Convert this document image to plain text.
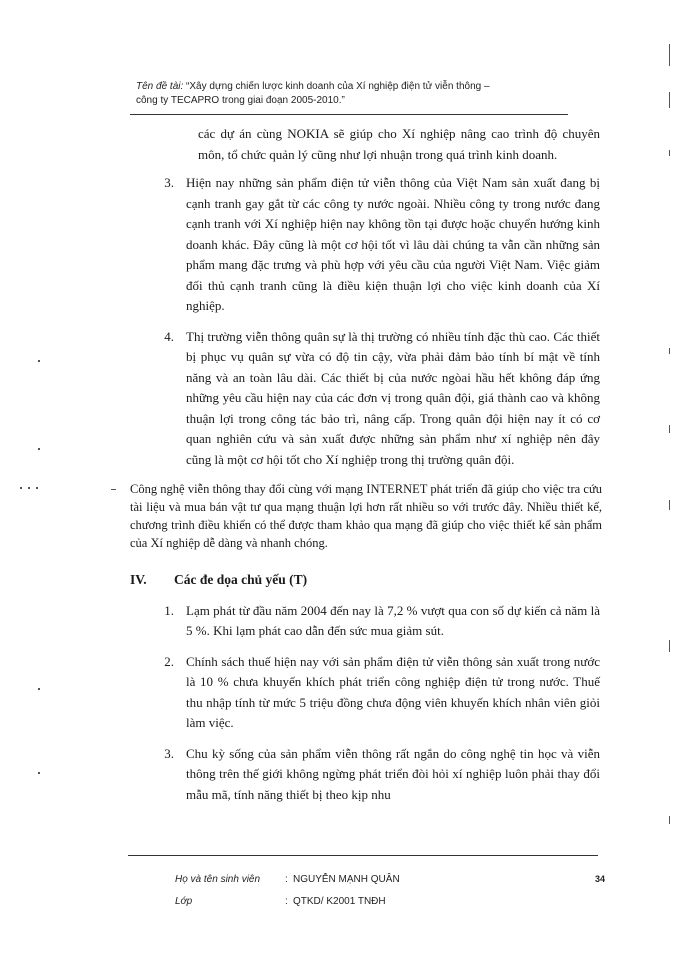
Tên đề tài: “Xây dựng chiến lược kinh doanh của Xí nghiệp điện tử viễn thông –
công ty TECAPRO trong giai đoạn 2005-2010.”

các dự án cùng NOKIA sẽ giúp cho Xí nghiệp nâng cao trình độ chuyên môn, tổ chức quản lý cũng như lợi nhuận trong quá trình kinh doanh.

3. Hiện nay những sản phẩm điện tử viễn thông của Việt Nam sản xuất đang bị cạnh tranh gay gắt từ các công ty nước ngoài. Nhiều công ty trong nước đang cạnh tranh với Xí nghiệp hiện nay không tồn tại được hoặc chuyển hướng kinh doanh khác. Đây cũng là một cơ hội tốt vì lâu dài chúng ta vẫn cần những sản phẩm mang đặc trưng và phù hợp với yêu cầu của người Việt Nam. Việc giảm đối thủ cạnh tranh cũng là điều kiện thuận lợi cho việc kinh doanh của Xí nghiệp.
4. Thị trường viễn thông quân sự là thị trường có nhiều tính đặc thù cao. Các thiết bị phục vụ quân sự vừa có độ tin cậy, vừa phải đảm bảo tính bí mật về tính năng và an toàn lâu dài. Các thiết bị của nước ngòai hầu hết không đáp ứng những yêu cầu hiện nay của các đơn vị trong quân đội, giá thành cao và không thuận lợi trong công tác bảo trì, nâng cấp. Trong quân đội hiện nay ít có cơ quan nghiên cứu và sản xuất được những sản phẩm như xí nghiệp nên đây cũng là một cơ hội tốt cho Xí nghiệp trong thị trường quân đội.

Công nghệ viễn thông thay đổi cùng với mạng INTERNET phát triển đã giúp cho việc tra cứu tài liệu và mua bán vật tư qua mạng thuận lợi hơn rất nhiều so với trước đây. Nhiều thiết kế, chương trình điều khiển có thể được tham khảo qua mạng đã giúp cho việc thiết kế sản phẩm của Xí nghiệp dễ dàng và nhanh chóng.

IV.	Các đe dọa chủ yếu (T)
1. Lạm phát từ đầu năm 2004 đến nay là 7,2 % vượt qua con số dự kiến cả năm là 5 %. Khi lạm phát cao dẫn đến sức mua giảm sút.
2. Chính sách thuế hiện nay với sản phẩm điện tử viễn thông sản xuất trong nước là 10 % chưa khuyến khích phát triển công nghiệp điện tử trong nước. Thuế thu nhập tính từ mức 5 triệu đồng chưa động viên khuyến khích nhân viên giỏi làm việc.
3. Chu kỳ sống của sản phẩm viễn thông rất ngắn do công nghệ tin học và viễn thông trên thế giới không ngừng phát triển đòi hỏi xí nghiệp luôn phải thay đổi mẫu mã, tính năng thiết bị theo kịp nhu
Họ và tên sinh viên	: NGUYỄN MẠNH QUÂN
Lớp	: QTKD/ K2001 TNĐH
34
